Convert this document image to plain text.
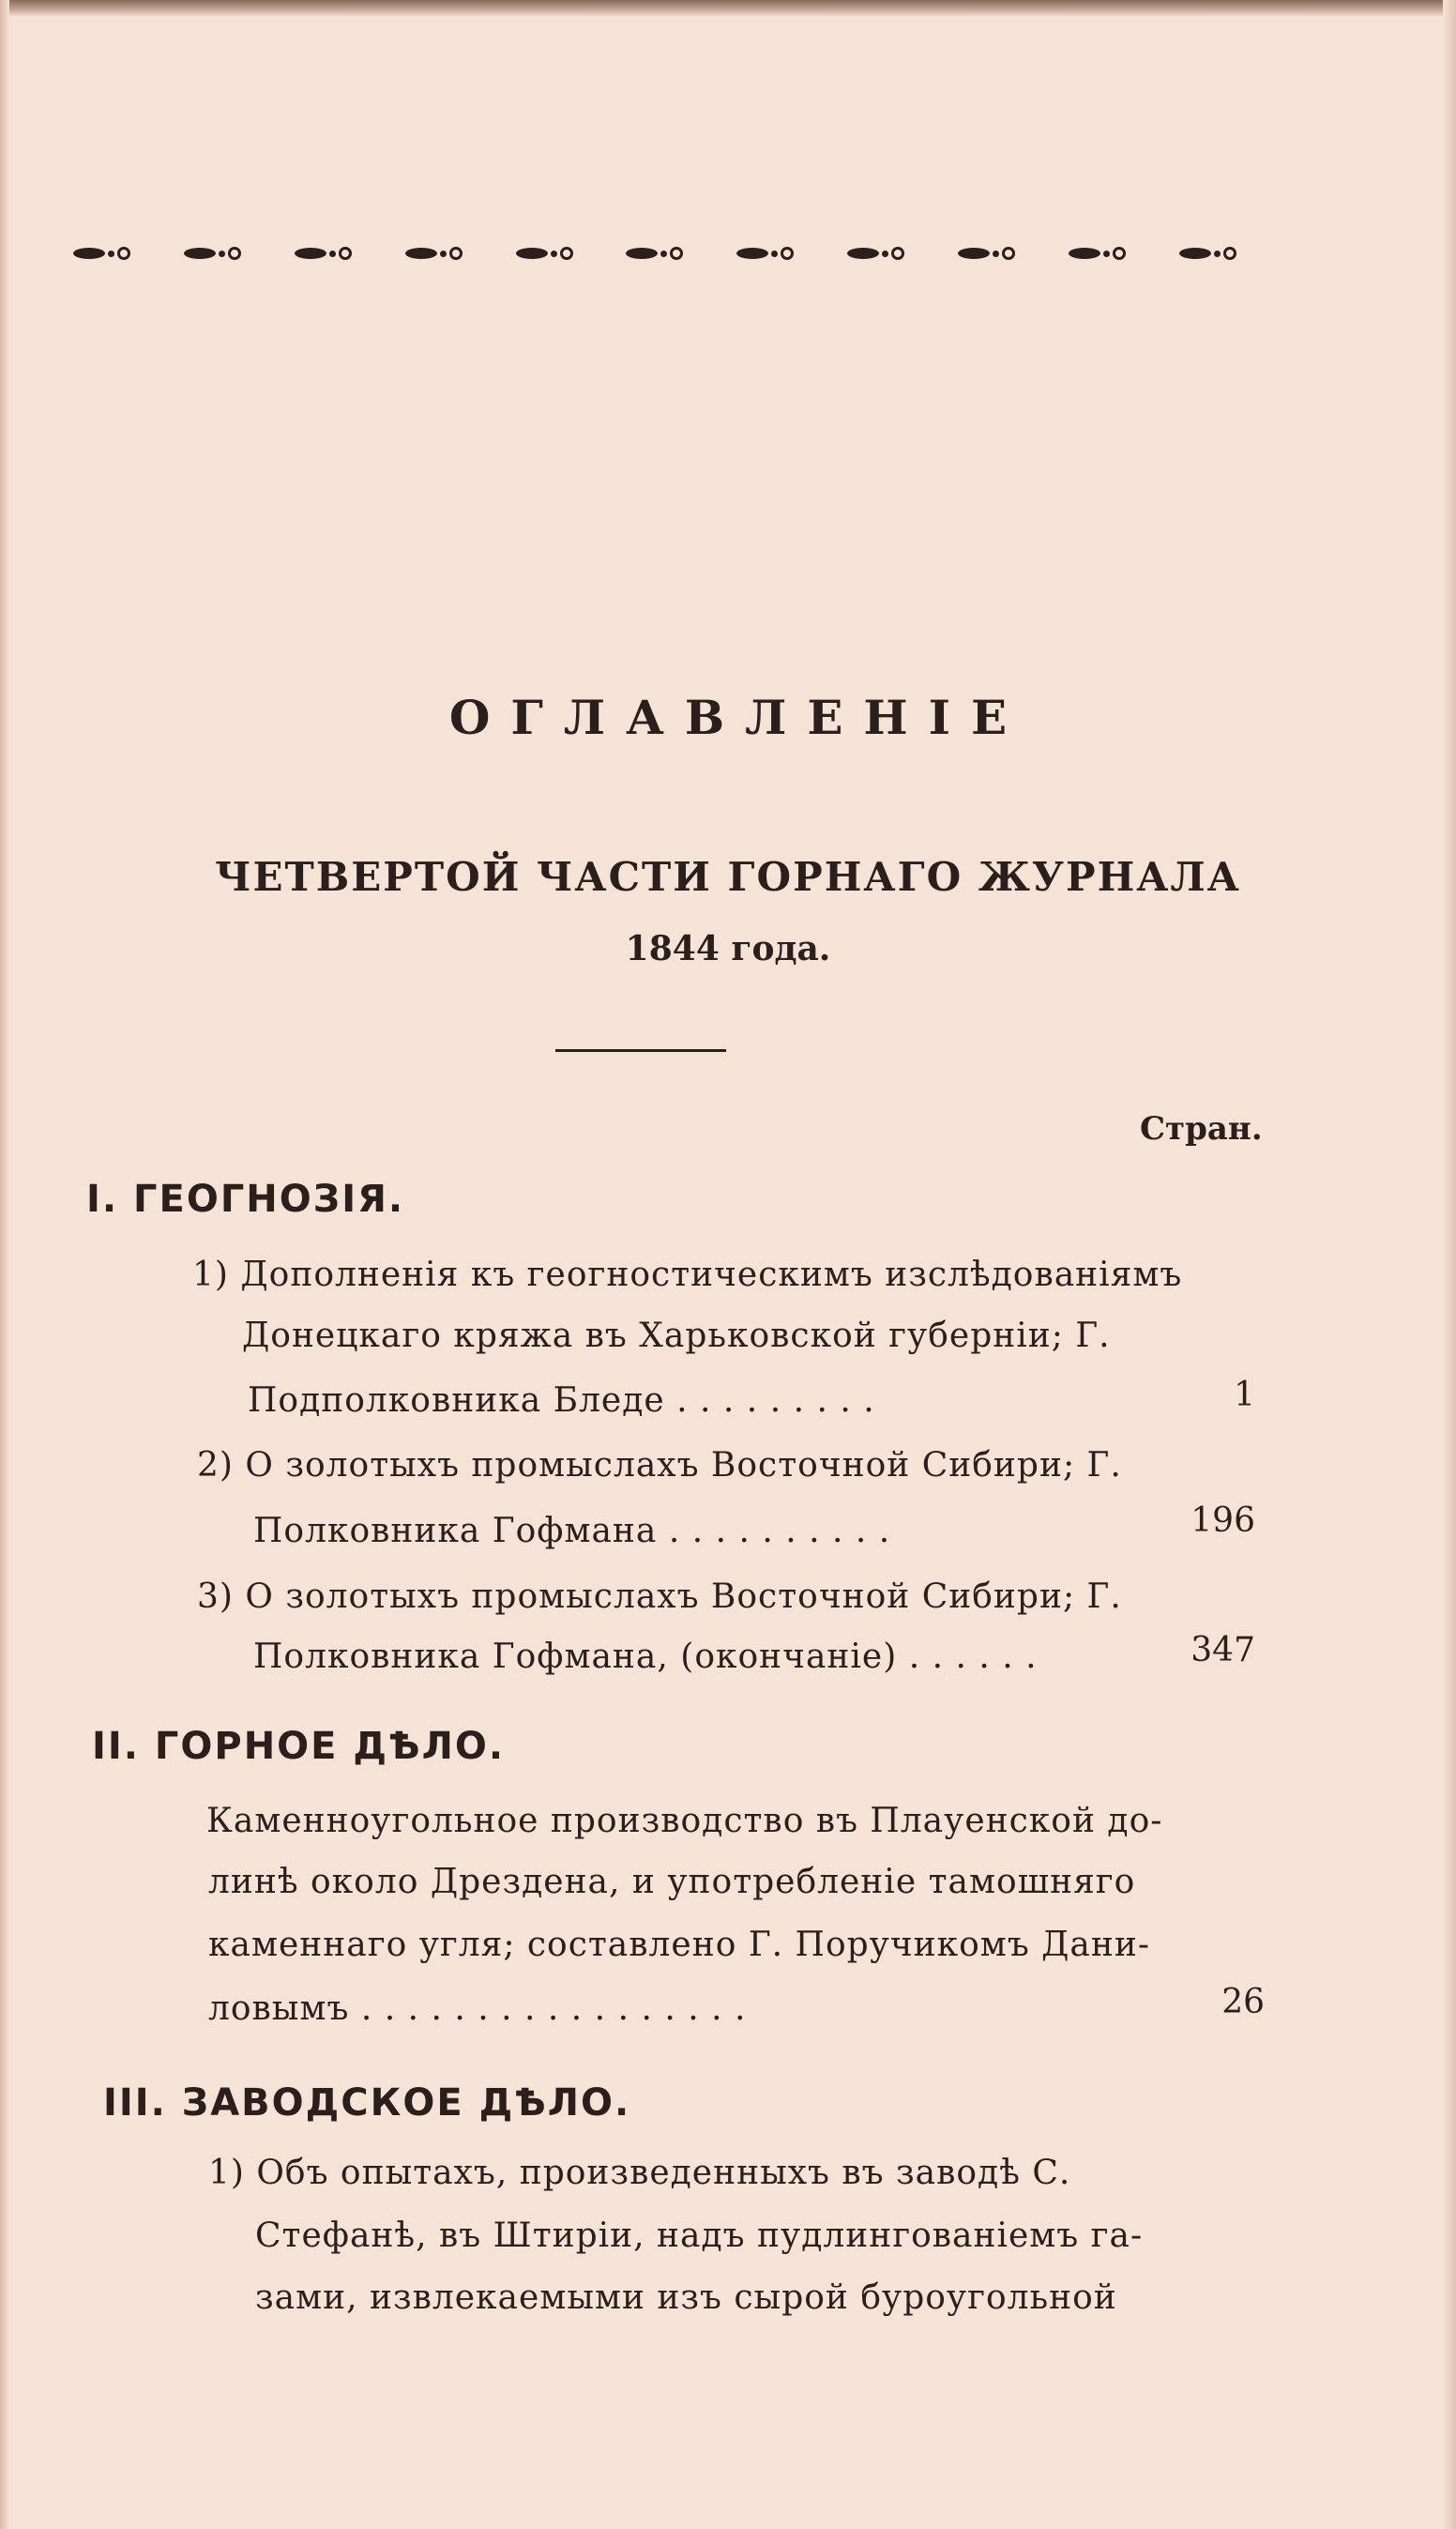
ОГЛАВЛЕНІЕ
ЧЕТВЕРТОЙ ЧАСТИ ГОРНАГО ЖУРНАЛА
1844 года.
Стран.
I. ГЕОГНОЗІЯ.
1) Дополненія къ геогностическимъ изслѣдованіямъ
Донецкаго кряжа въ Харьковской губерніи; Г.
Подполковника Бледе . . . . . . . . .	1
2) О золотыхъ промыслахъ Восточной Сибири; Г.
Полковника Гофмана . . . . . . . . . .	196
3) О золотыхъ промыслахъ Восточной Сибири; Г.
Полковника Гофмана, (окончаніе) . . . . . .	347
II. ГОРНОЕ ДѢЛО.
Каменноугольное производство въ Плауенской до-
линѣ около Дрездена, и употребленіе тамошняго
каменнаго угля; составлено Г. Поручикомъ Дани-
ловымъ . . . . . . . . . . . . . . . . .	26
III. ЗАВОДСКОЕ ДѢЛО.
1) Объ опытахъ, произведенныхъ въ заводѣ С.
Стефанѣ, въ Штиріи, надъ пудлингованіемъ га-
зами, извлекаемыми изъ сырой буроугольной
